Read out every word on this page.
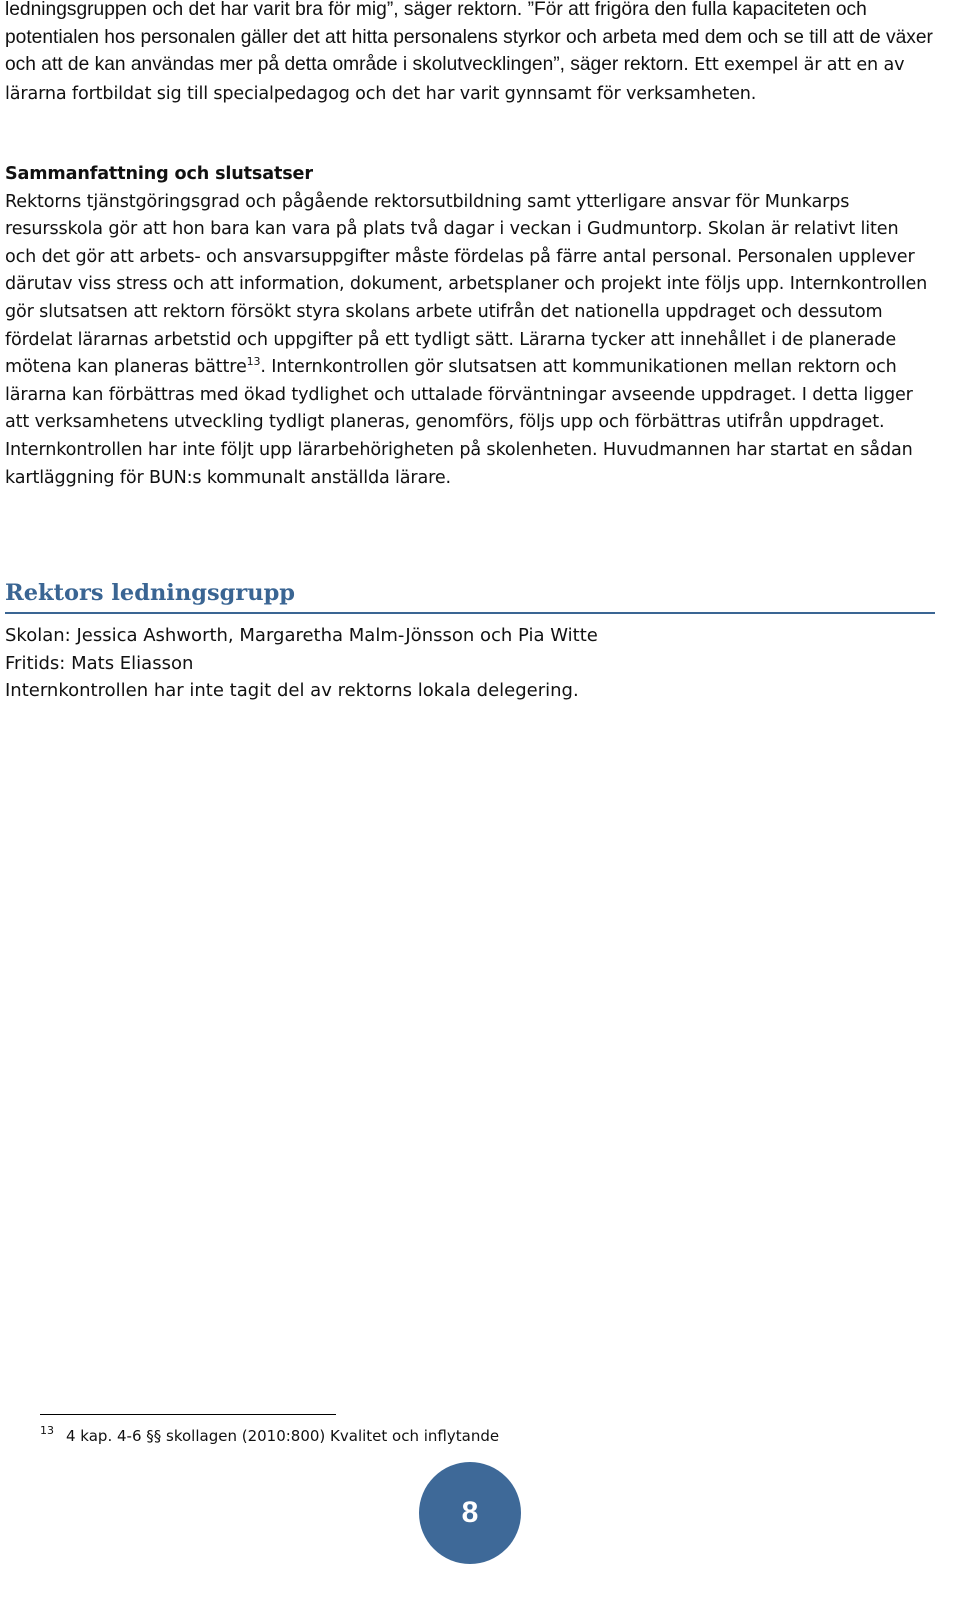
ledningsgruppen och det har varit bra för mig”, säger rektorn. ”För att frigöra den fulla kapaciteten och potentialen hos personalen gäller det att hitta personalens styrkor och arbeta med dem och se till att de växer och att de kan användas mer på detta område i skolutvecklingen”, säger rektorn. Ett exempel är att en av lärarna fortbildat sig till specialpedagog och det har varit gynnsamt för verksamheten.

Sammanfattning och slutsatser
Rektorns tjänstgöringsgrad och pågående rektorsutbildning samt ytterligare ansvar för Munkarps resursskola gör att hon bara kan vara på plats två dagar i veckan i Gudmuntorp. Skolan är relativt liten och det gör att arbets- och ansvarsuppgifter måste fördelas på färre antal personal. Personalen upplever därutav viss stress och att information, dokument, arbetsplaner och projekt inte följs upp. Internkontrollen gör slutsatsen att rektorn försökt styra skolans arbete utifrån det nationella uppdraget och dessutom fördelat lärarnas arbetstid och uppgifter på ett tydligt sätt. Lärarna tycker att innehållet i de planerade mötena kan planeras bättre$^{13}$. Internkontrollen gör slutsatsen att kommunikationen mellan rektorn och lärarna kan förbättras med ökad tydlighet och uttalade förväntningar avseende uppdraget. I detta ligger att verksamhetens utveckling tydligt planeras, genomförs, följs upp och förbättras utifrån uppdraget. Internkontrollen har inte följt upp lärarbehörigheten på skolenheten. Huvudmannen har startat en sådan kartläggning för BUN:s kommunalt anställda lärare.

Rektors ledningsgrupp

Skolan: Jessica Ashworth, Margaretha Malm-Jönsson och Pia Witte
Fritids: Mats Eliasson
Internkontrollen har inte tagit del av rektorns lokala delegering.

$^{13}$ 4 kap. 4-6 §§ skollagen (2010:800) Kvalitet och inflytande
8
